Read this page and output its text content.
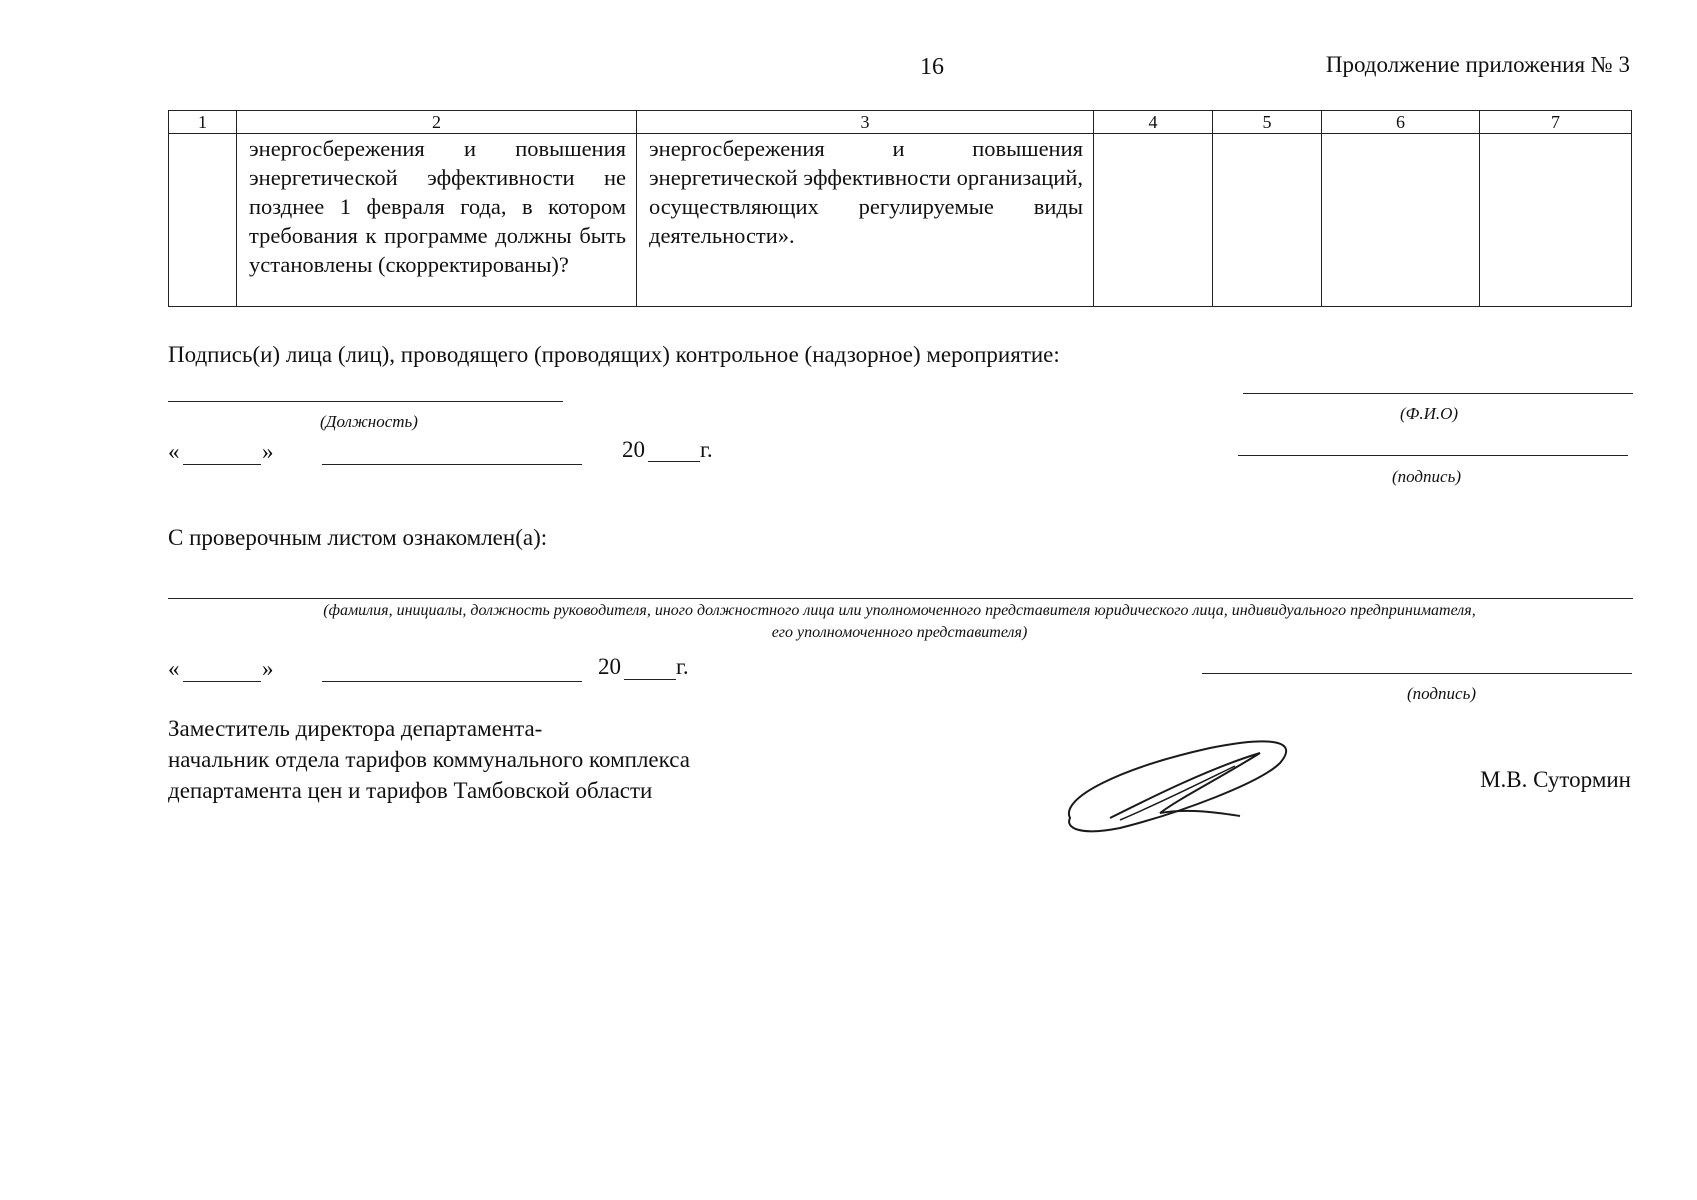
16	Продолжение приложения № 3
1	2	3	4	5	6	7
	энергосбережения и повышения энергетической эффективности не позднее 1 февраля года, в котором требования к программе должны быть установлены (скорректированы)?	энергосбережения и повышения энергетической эффективности организаций, осуществляющих регулируемые виды деятельности».				
Подпись(и) лица (лиц), проводящего (проводящих) контрольное (надзорное) мероприятие:
(Должность)	(Ф.И.О)
«	»	20 г.
(подпись)
С проверочным листом ознакомлен(а):
(фамилия, инициалы, должность руководителя, иного должностного лица или уполномоченного представителя юридического лица, индивидуального предпринимателя,
его уполномоченного представителя)
«	»	20 г.
(подпись)
Заместитель директора департамента-
начальник отдела тарифов коммунального комплекса
департамента цен и тарифов Тамбовской области	М.В. Сутормин
